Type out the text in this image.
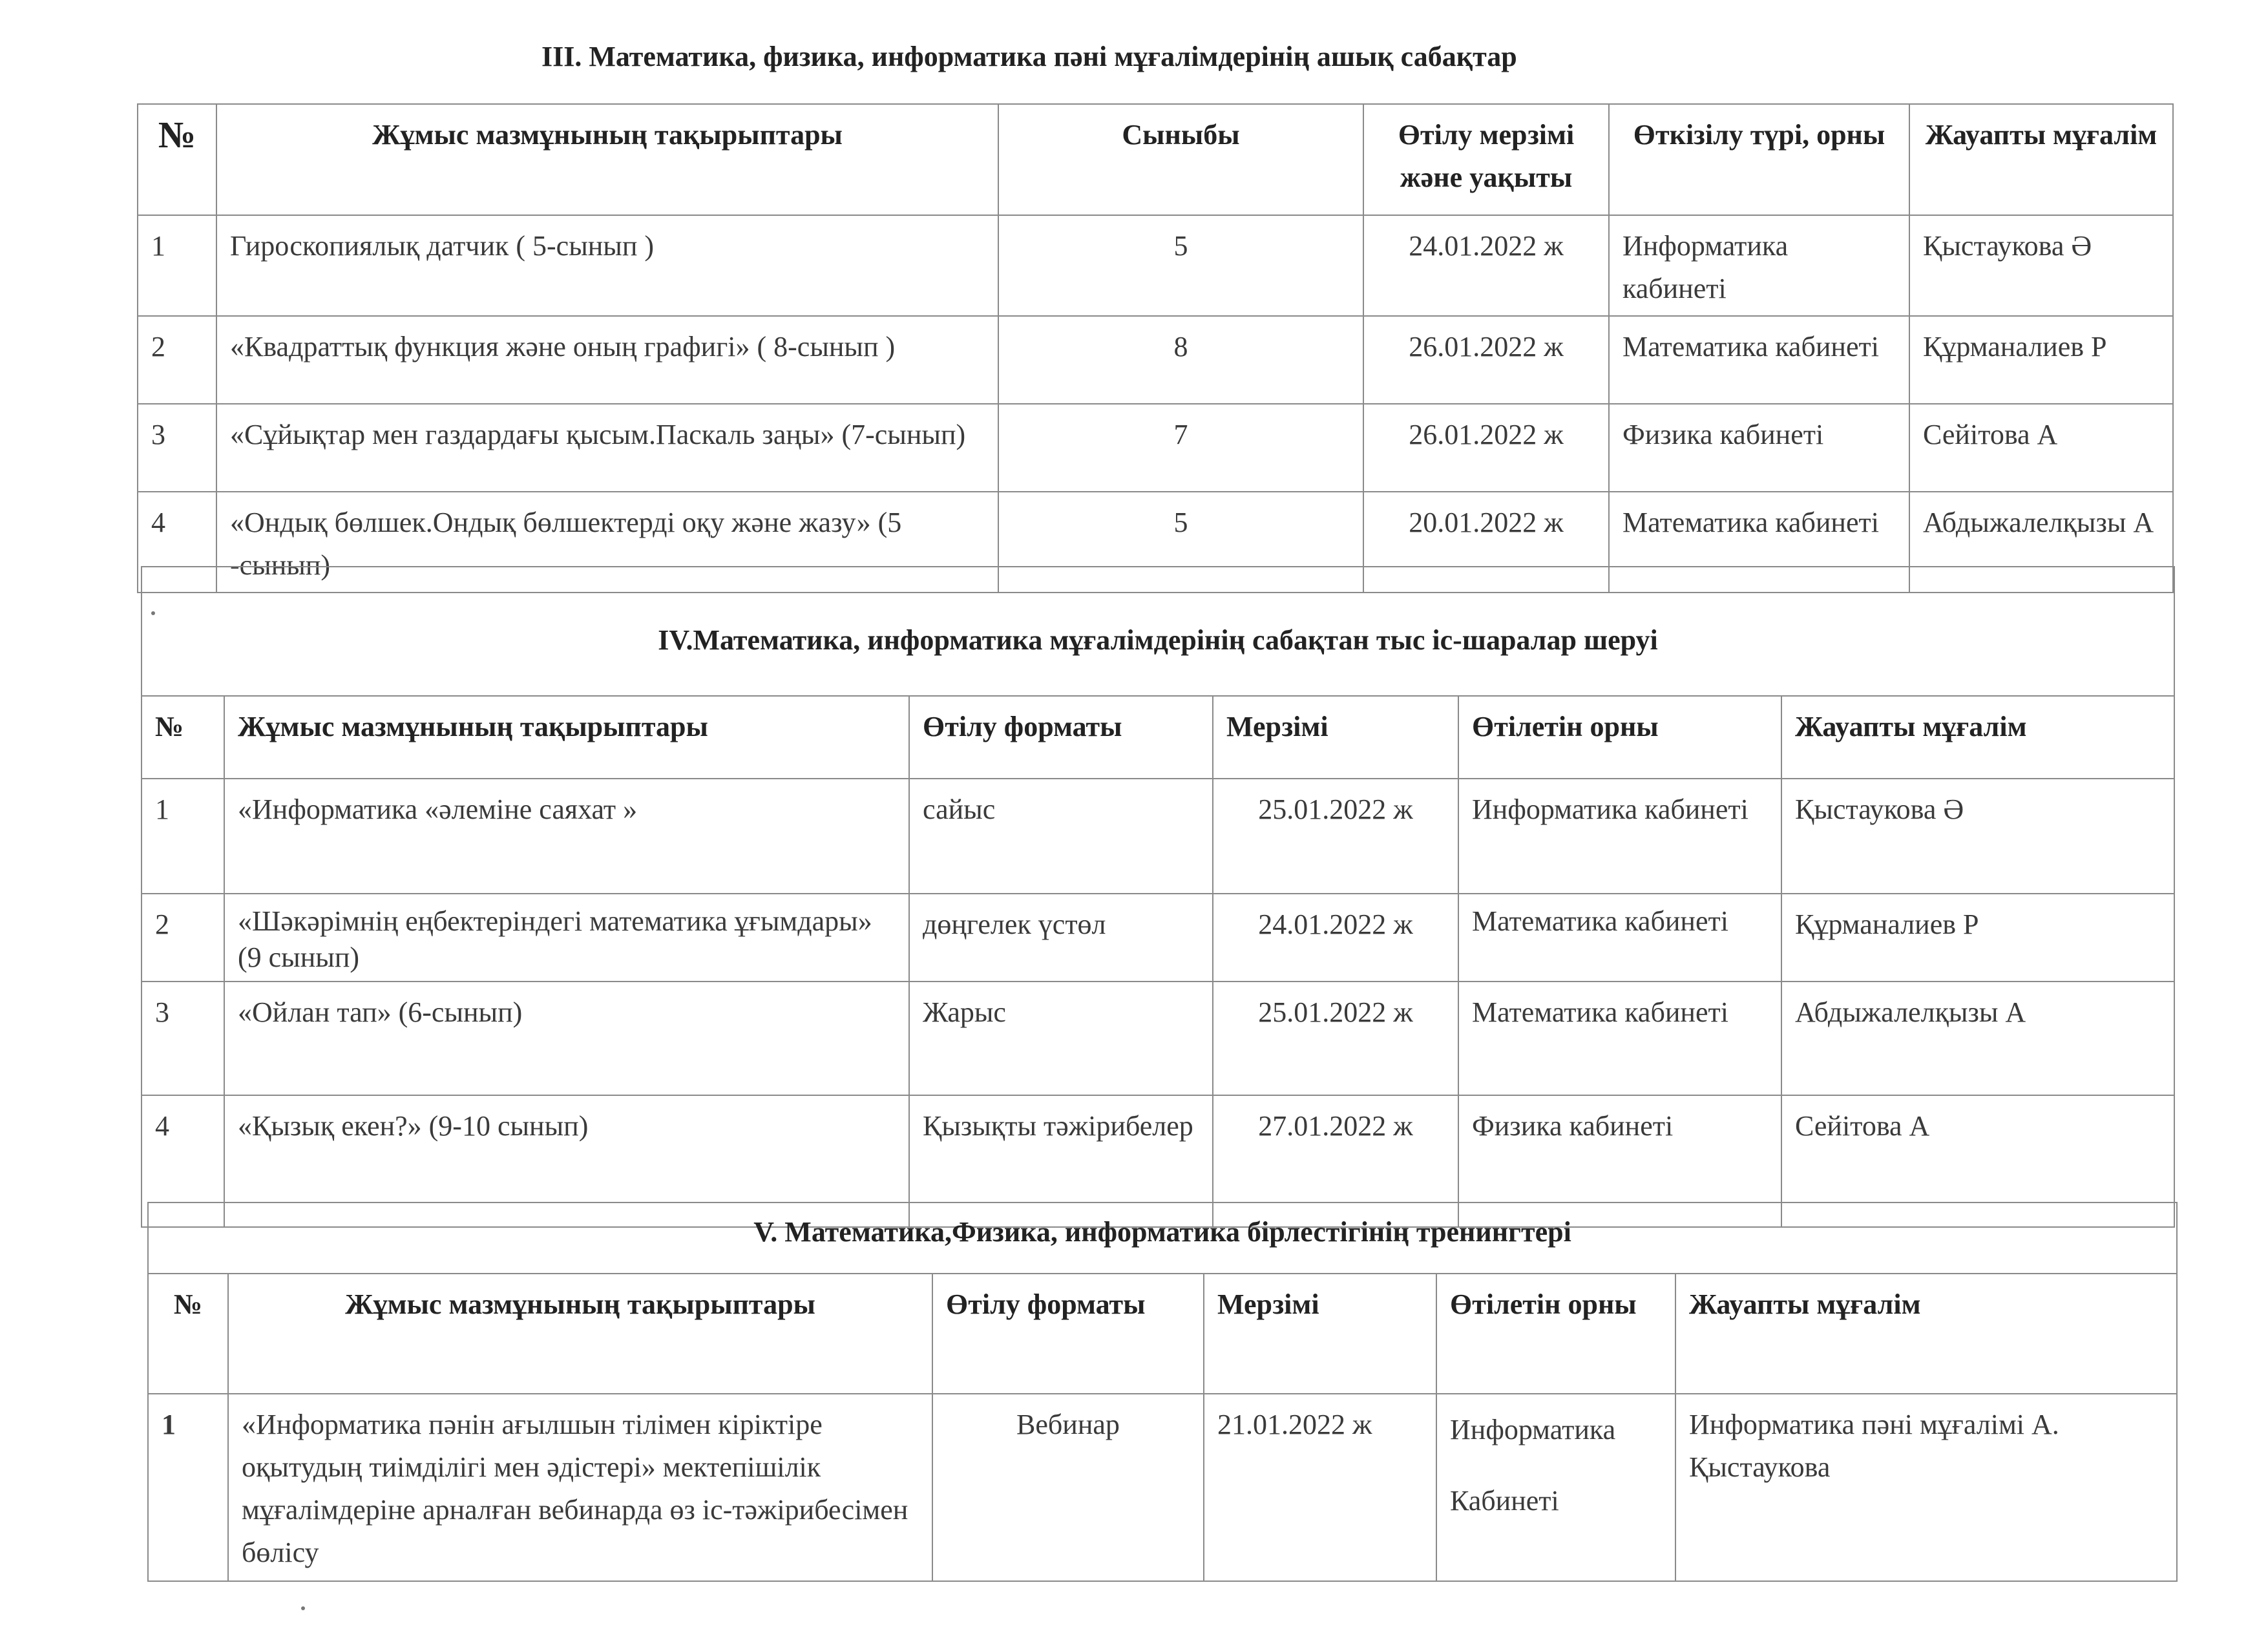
III. Математика, физика, информатика пәні мұғалімдерінің ашық сабақтар
№	Жұмыс мазмұнының тақырыптары	Сыныбы	Өтілу мерзімі және уақыты	Өткізілу түрі, орны	Жауапты мұғалім
1	Гироскопиялық датчик ( 5-сынып )	5	24.01.2022 ж	Информатика кабинеті	Қыстаукова Ә
2	«Квадраттық функция және оның графигі» ( 8-сынып )	8	26.01.2022 ж	Математика кабинеті	Құрманалиев Р
3	«Сұйықтар мен газдардағы қысым.Паскаль заңы» (7-сынып)	7	26.01.2022 ж	Физика кабинеті	Сейітова А
4	«Ондық бөлшек.Ондық бөлшектерді оқу және жазу» (5 -сынып)	5	20.01.2022 ж	Математика кабинеті	Абдыжалелқызы А
ІV.Математика, информатика мұғалімдерінің сабақтан тыс іс-шаралар шеруі					
№	Жұмыс мазмұнының тақырыптары	Өтілу форматы	Мерзімі	Өтілетін орны	Жауапты мұғалім
1	«Информатика «әлеміне саяхат »	сайыс	25.01.2022 ж	Информатика кабинеті	Қыстаукова Ә
2	«Шәкәрімнің еңбектеріндегі математика ұғымдары» (9 сынып)	дөңгелек үстөл	24.01.2022 ж	Математика кабинеті	Құрманалиев Р
3	«Ойлан тап» (6-сынып)	Жарыс	25.01.2022 ж	Математика кабинеті	Абдыжалелқызы А
4	«Қызық екен?» (9-10 сынып)	Қызықты тәжірибелер	27.01.2022 ж	Физика кабинеті	Сейітова А
V. Математика,Физика, информатика бірлестігінің тренингтері					
№	Жұмыс мазмұнының тақырыптары	Өтілу форматы	Мерзімі	Өтілетін орны	Жауапты мұғалім
1	«Информатика пәнін ағылшын тілімен кіріктіре оқытудың тиімділігі мен әдістері» мектепішілік мұғалімдеріне арналған вебинарда өз іс-тәжірибесімен бөлісу	Вебинар	21.01.2022 ж	Информатика Кабинеті	Информатика пәні мұғалімі А. Қыстаукова
